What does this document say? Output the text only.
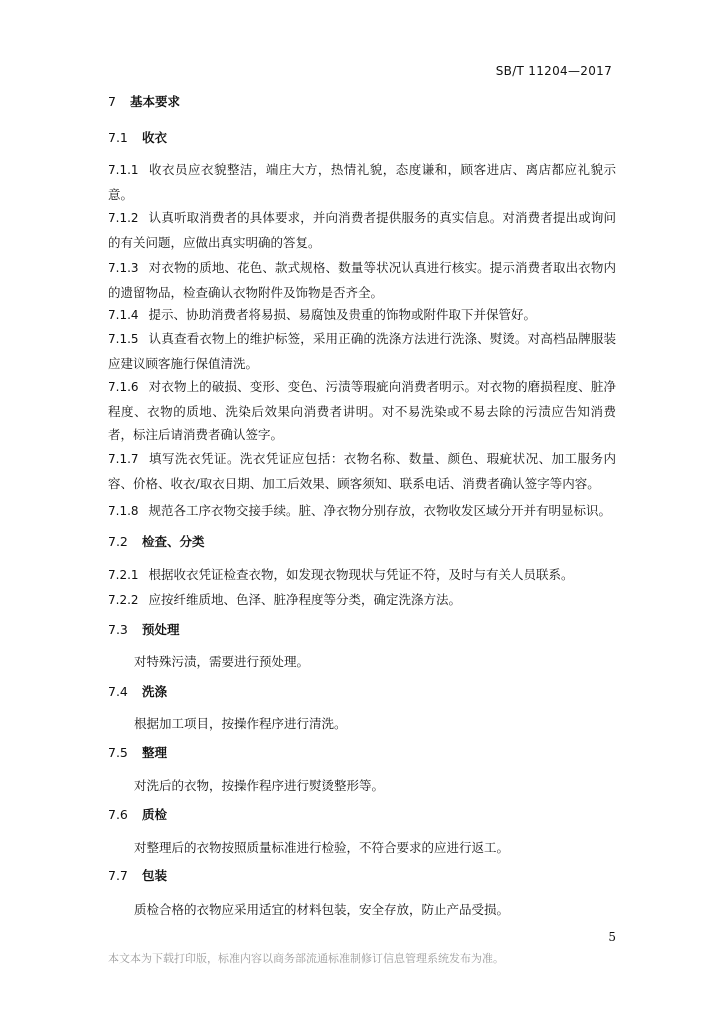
SB/T 11204—2017
7 基本要求
7.1 收衣
7.1.1 收衣员应衣貌整洁，端庄大方，热情礼貌，态度谦和，顾客进店、离店都应礼貌示意。
7.1.2 认真听取消费者的具体要求，并向消费者提供服务的真实信息。对消费者提出或询问的有关问题，应做出真实明确的答复。
7.1.3 对衣物的质地、花色、款式规格、数量等状况认真进行核实。提示消费者取出衣物内的遗留物品，检查确认衣物附件及饰物是否齐全。
7.1.4 提示、协助消费者将易损、易腐蚀及贵重的饰物或附件取下并保管好。
7.1.5 认真查看衣物上的维护标签，采用正确的洗涤方法进行洗涤、熨烫。对高档品牌服装应建议顾客施行保值清洗。
7.1.6 对衣物上的破损、变形、变色、污渍等瑕疵向消费者明示。对衣物的磨损程度、脏净程度、衣物的质地、洗染后效果向消费者讲明。对不易洗染或不易去除的污渍应告知消费者，标注后请消费者确认签字。
7.1.7 填写洗衣凭证。洗衣凭证应包括：衣物名称、数量、颜色、瑕疵状况、加工服务内容、价格、收衣/取衣日期、加工后效果、顾客须知、联系电话、消费者确认签字等内容。
7.1.8 规范各工序衣物交接手续。脏、净衣物分别存放，衣物收发区域分开并有明显标识。
7.2 检查、分类
7.2.1 根据收衣凭证检查衣物，如发现衣物现状与凭证不符，及时与有关人员联系。
7.2.2 应按纤维质地、色泽、脏净程度等分类，确定洗涤方法。
7.3 预处理
对特殊污渍，需要进行预处理。
7.4 洗涤
根据加工项目，按操作程序进行清洗。
7.5 整理
对洗后的衣物，按操作程序进行熨烫整形等。
7.6 质检
对整理后的衣物按照质量标准进行检验，不符合要求的应进行返工。
7.7 包装
质检合格的衣物应采用适宜的材料包装，安全存放，防止产品受损。
5
本文本为下载打印版，标准内容以商务部流通标准制修订信息管理系统发布为准。
